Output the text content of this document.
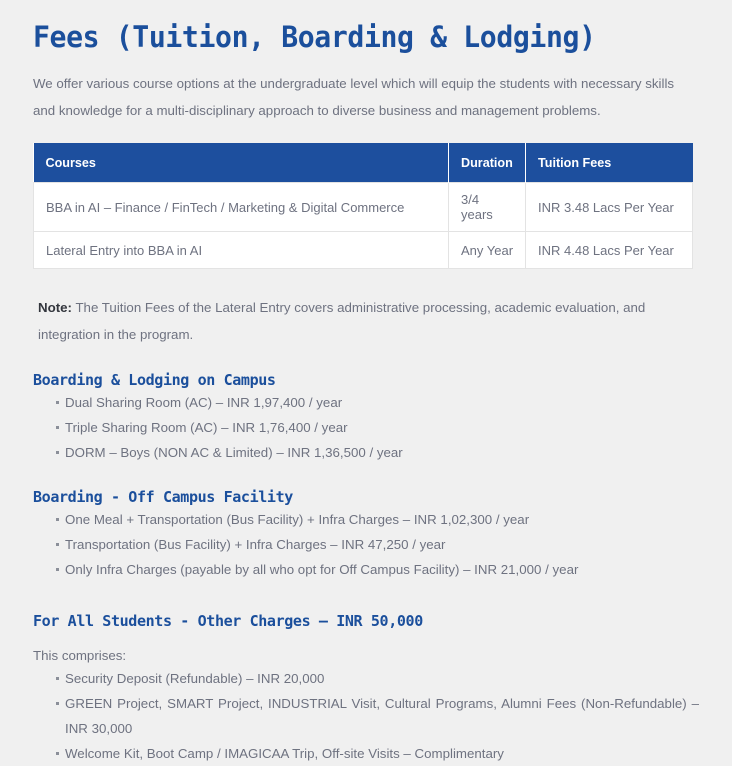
Fees (Tuition, Boarding & Lodging)

We offer various course options at the undergraduate level which will equip the students with necessary skills and knowledge for a multi-disciplinary approach to diverse business and management problems.

Courses	Duration	Tuition Fees
BBA in AI – Finance / FinTech / Marketing & Digital Commerce	3/4 years	INR 3.48 Lacs Per Year
Lateral Entry into BBA in AI	Any Year	INR 4.48 Lacs Per Year

Note: The Tuition Fees of the Lateral Entry covers administrative processing, academic evaluation, and integration in the program.

Boarding & Lodging on Campus
Dual Sharing Room (AC) – INR 1,97,400 / year
Triple Sharing Room (AC) – INR 1,76,400 / year
DORM – Boys (NON AC & Limited) – INR 1,36,500 / year
Boarding - Off Campus Facility
One Meal + Transportation (Bus Facility) + Infra Charges – INR 1,02,300 / year
Transportation (Bus Facility) + Infra Charges – INR 47,250 / year
Only Infra Charges (payable by all who opt for Off Campus Facility) – INR 21,000 / year
For All Students - Other Charges – INR 50,000

This comprises:

Security Deposit (Refundable) – INR 20,000
GREEN Project, SMART Project, INDUSTRIAL Visit, Cultural Programs, Alumni Fees (Non-Refundable) – INR 30,000
Welcome Kit, Boot Camp / IMAGICAA Trip, Off-site Visits – Complimentary
